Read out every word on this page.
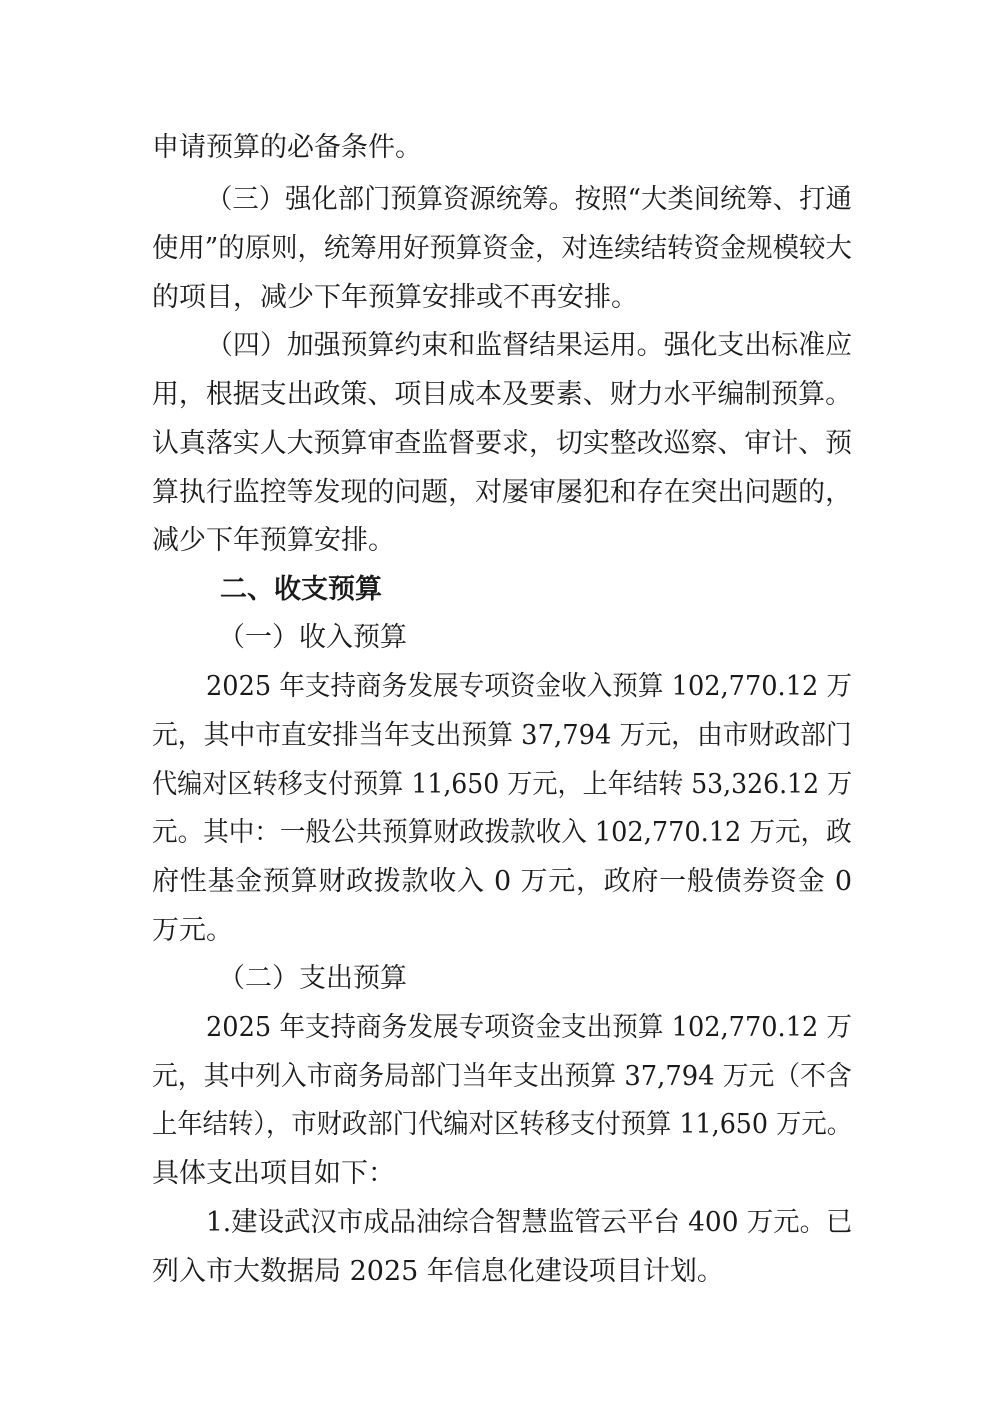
申请预算的必备条件。
（三）强化部门预算资源统筹。按照“大类间统筹、打通
使用”的原则，统筹用好预算资金，对连续结转资金规模较大
的项目，减少下年预算安排或不再安排。
（四）加强预算约束和监督结果运用。强化支出标准应
用，根据支出政策、项目成本及要素、财力水平编制预算。
认真落实人大预算审查监督要求，切实整改巡察、审计、预
算执行监控等发现的问题，对屡审屡犯和存在突出问题的，
减少下年预算安排。
二、收支预算
（一）收入预算
2025 年支持商务发展专项资金收入预算 102,770.12 万
元，其中市直安排当年支出预算 37,794 万元，由市财政部门
代编对区转移支付预算 11,650 万元，上年结转 53,326.12 万
元。其中：一般公共预算财政拨款收入 102,770.12 万元，政
府性基金预算财政拨款收入 0 万元，政府一般债券资金 0
万元。
（二）支出预算
2025 年支持商务发展专项资金支出预算 102,770.12 万
元，其中列入市商务局部门当年支出预算 37,794 万元（不含
上年结转），市财政部门代编对区转移支付预算 11,650 万元。
具体支出项目如下：
1.建设武汉市成品油综合智慧监管云平台 400 万元。已
列入市大数据局 2025 年信息化建设项目计划。
